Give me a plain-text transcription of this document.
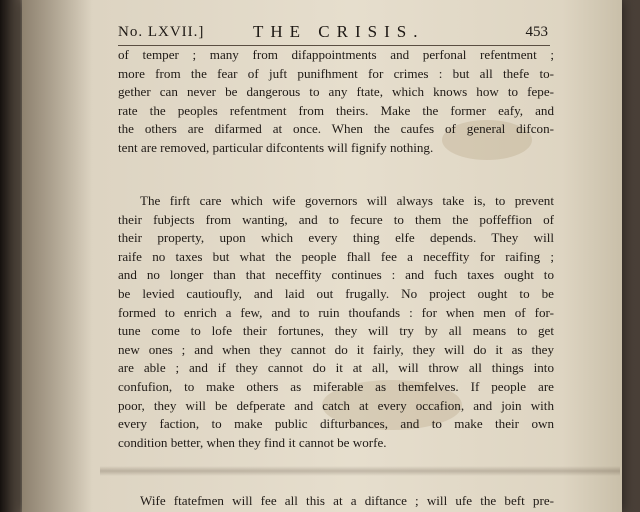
No. LXVII.]	THE CRISIS.	453

of temper ; many from difappointments and perfonal refentment ;
more from the fear of juft punifhment for crimes : but all thefe to-
gether can never be dangerous to any ftate, which knows how to fepe-
rate the peoples refentment from theirs. Make the former eafy, and
the others are difarmed at once. When the caufes of general difcon-
tent are removed, particular difcontents will fignify nothing.

The firft care which wife governors will always take is, to prevent
their fubjects from wanting, and to fecure to them the poffeffion of
their property, upon which every thing elfe depends. They will
raife no taxes but what the people fhall fee a neceffity for raifing ;
and no longer than that neceffity continues : and fuch taxes ought to
be levied cautioufly, and laid out frugally. No project ought to be
formed to enrich a few, and to ruin thoufands : for when men of for-
tune come to lofe their fortunes, they will try by all means to get
new ones ; and when they cannot do it fairly, they will do it as they
are able ; and if they cannot do it at all, will throw all things into
confufion, to make others as miferable as themfelves. If people are
poor, they will be defperate and catch at every occafion, and join with
every faction, to make public difturbances, and to make their own
condition better, when they find it cannot be worfe.

Wife ftatefmen will fee all this at a diftance ; will ufe the beft pre-
